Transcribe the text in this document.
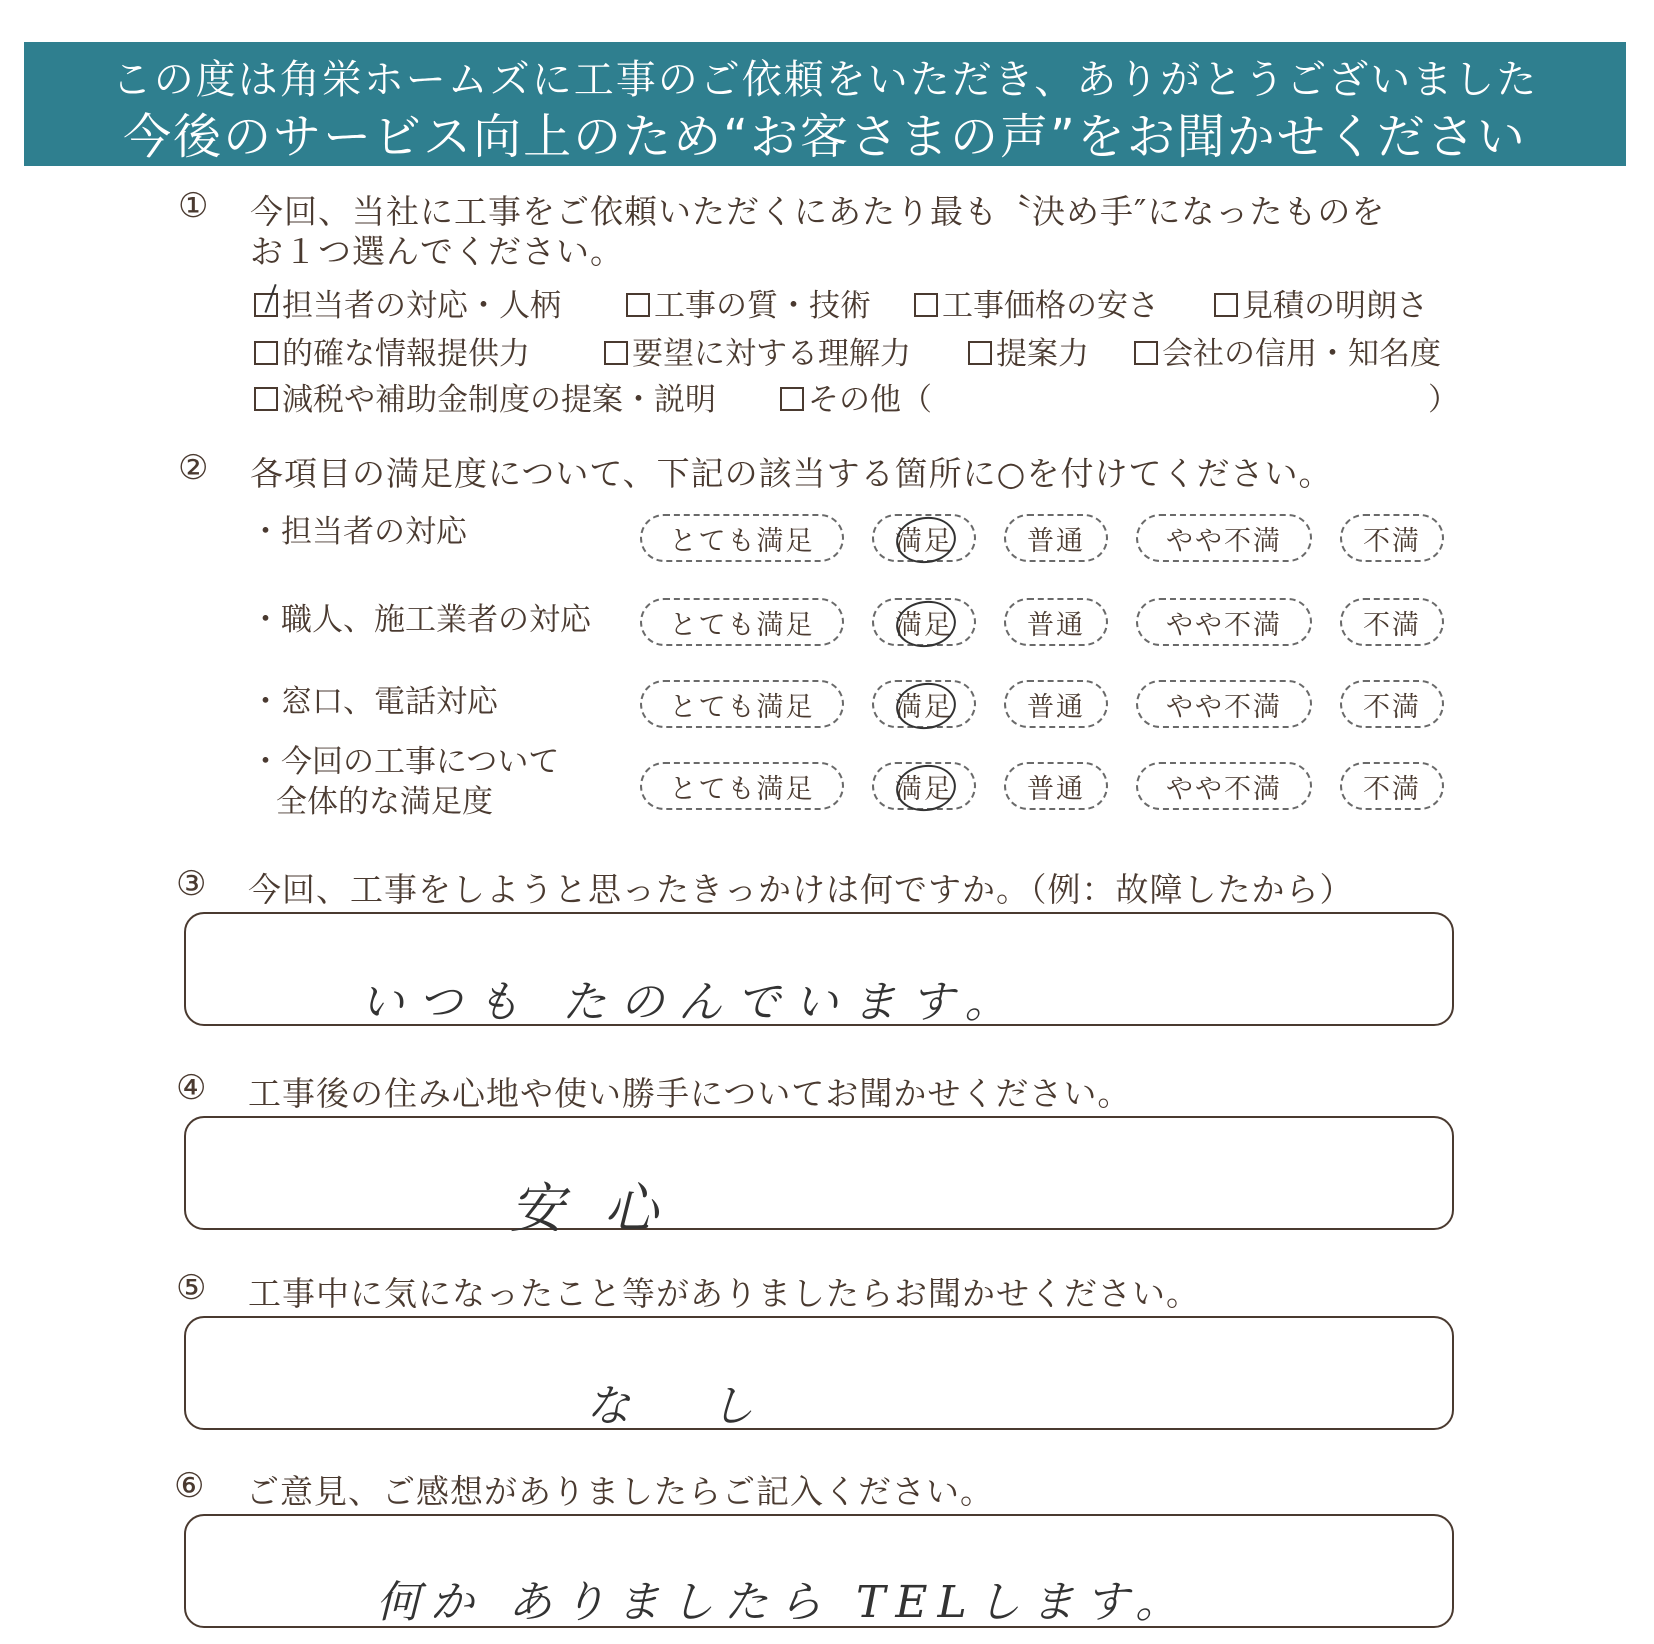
この度は角栄ホームズに工事のご依頼をいただき、ありがとうございました
今後のサービス向上のため“お客さまの声”をお聞かせください
① 今回、当社に工事をご依頼いただくにあたり最も〝決め手″になったものを
お１つ選んでください。
担当者の対応・人柄	工事の質・技術	工事価格の安さ	見積の明朗さ
的確な情報提供力	要望に対する理解力	提案力	会社の信用・知名度
減税や補助金制度の提案・説明	その他（	）
② 各項目の満足度について、下記の該当する箇所に○を付けてください。
・担当者の対応	とても満足	満足	普通	やや不満	不満
・職人、施工業者の対応	とても満足	満足	普通	やや不満	不満
・窓口、電話対応	とても満足	満足	普通	やや不満	不満
・今回の工事について
全体的な満足度	とても満足	満足	普通	やや不満	不満
③ 今回、工事をしようと思ったきっかけは何ですか。（例：故障したから）
いつも たのんでいます。
④ 工事後の住み心地や使い勝手についてお聞かせください。
安心
⑤ 工事中に気になったこと等がありましたらお聞かせください。
なし
⑥ ご意見、ご感想がありましたらご記入ください。
何か ありましたら TELします。
